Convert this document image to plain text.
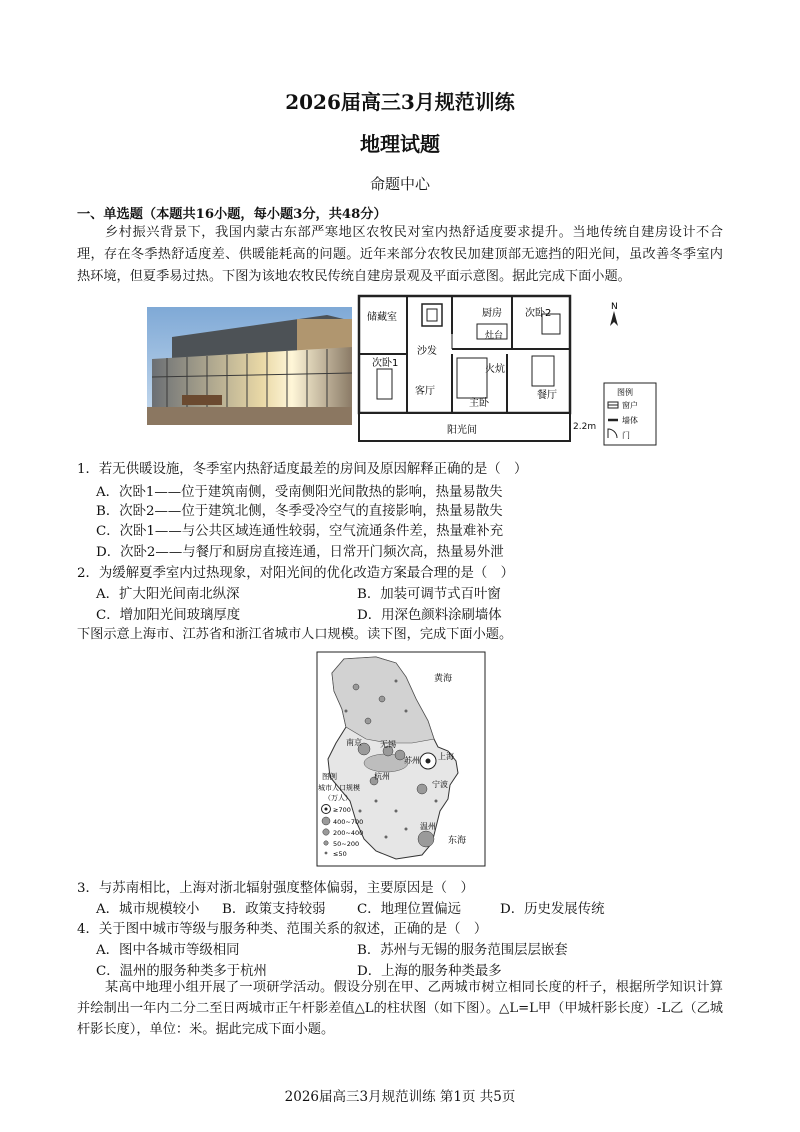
2026届高三3月规范训练
地理试题
命题中心
一、单选题（本题共16小题，每小题3分，共48分）
乡村振兴背景下，我国内蒙古东部严寒地区农牧民对室内热舒适度要求提升。当地传统自建房设计不合理，存在冬季热舒适度差、供暖能耗高的问题。近年来部分农牧民加建顶部无遮挡的阳光间，虽改善冬季室内热环境，但夏季易过热。下图为该地农牧民传统自建房景观及平面示意图。据此完成下面小题。
储藏室	厨房 次卧2
灶台
沙发
次卧1
火炕
客厅
主卧
餐厅
阳光间	2.2m
N
图例
窗户
墙体
门
1．若无供暖设施，冬季室内热舒适度最差的房间及原因解释正确的是（　）
A．次卧1——位于建筑南侧，受南侧阳光间散热的影响，热量易散失
B．次卧2——位于建筑北侧，冬季受冷空气的直接影响，热量易散失
C．次卧1——与公共区域连通性较弱，空气流通条件差，热量难补充
D．次卧2——与餐厅和厨房直接连通，日常开门频次高，热量易外泄
2．为缓解夏季室内过热现象，对阳光间的优化改造方案最合理的是（　）
A．扩大阳光间南北纵深	B．加装可调节式百叶窗
C．增加阳光间玻璃厚度	D．用深色颜料涂刷墙体
下图示意上海市、江苏省和浙江省城市人口规模。读下图，完成下面小题。
黄海
东海
南京 无锡
苏州 上海
杭州
宁波
温州
图例
城市人口规模
（万人）
≥700
400~700
200~400
50~200
≤50
3．与苏南相比，上海对浙北辐射强度整体偏弱，主要原因是（　）
A．城市规模较小 B．政策支持较弱 C．地理位置偏远	D．历史发展传统
4．关于图中城市等级与服务种类、范围关系的叙述，正确的是（　）
A．图中各城市等级相同	B．苏州与无锡的服务范围层层嵌套
C．温州的服务种类多于杭州	D．上海的服务种类最多
某高中地理小组开展了一项研学活动。假设分别在甲、乙两城市树立相同长度的杆子，根据所学知识计算并绘制出一年内二分二至日两城市正午杆影差值△L的柱状图（如下图）。△L=L甲（甲城杆影长度）-L乙（乙城杆影长度），单位：米。据此完成下面小题。
2026届高三3月规范训练 第1页 共5页
